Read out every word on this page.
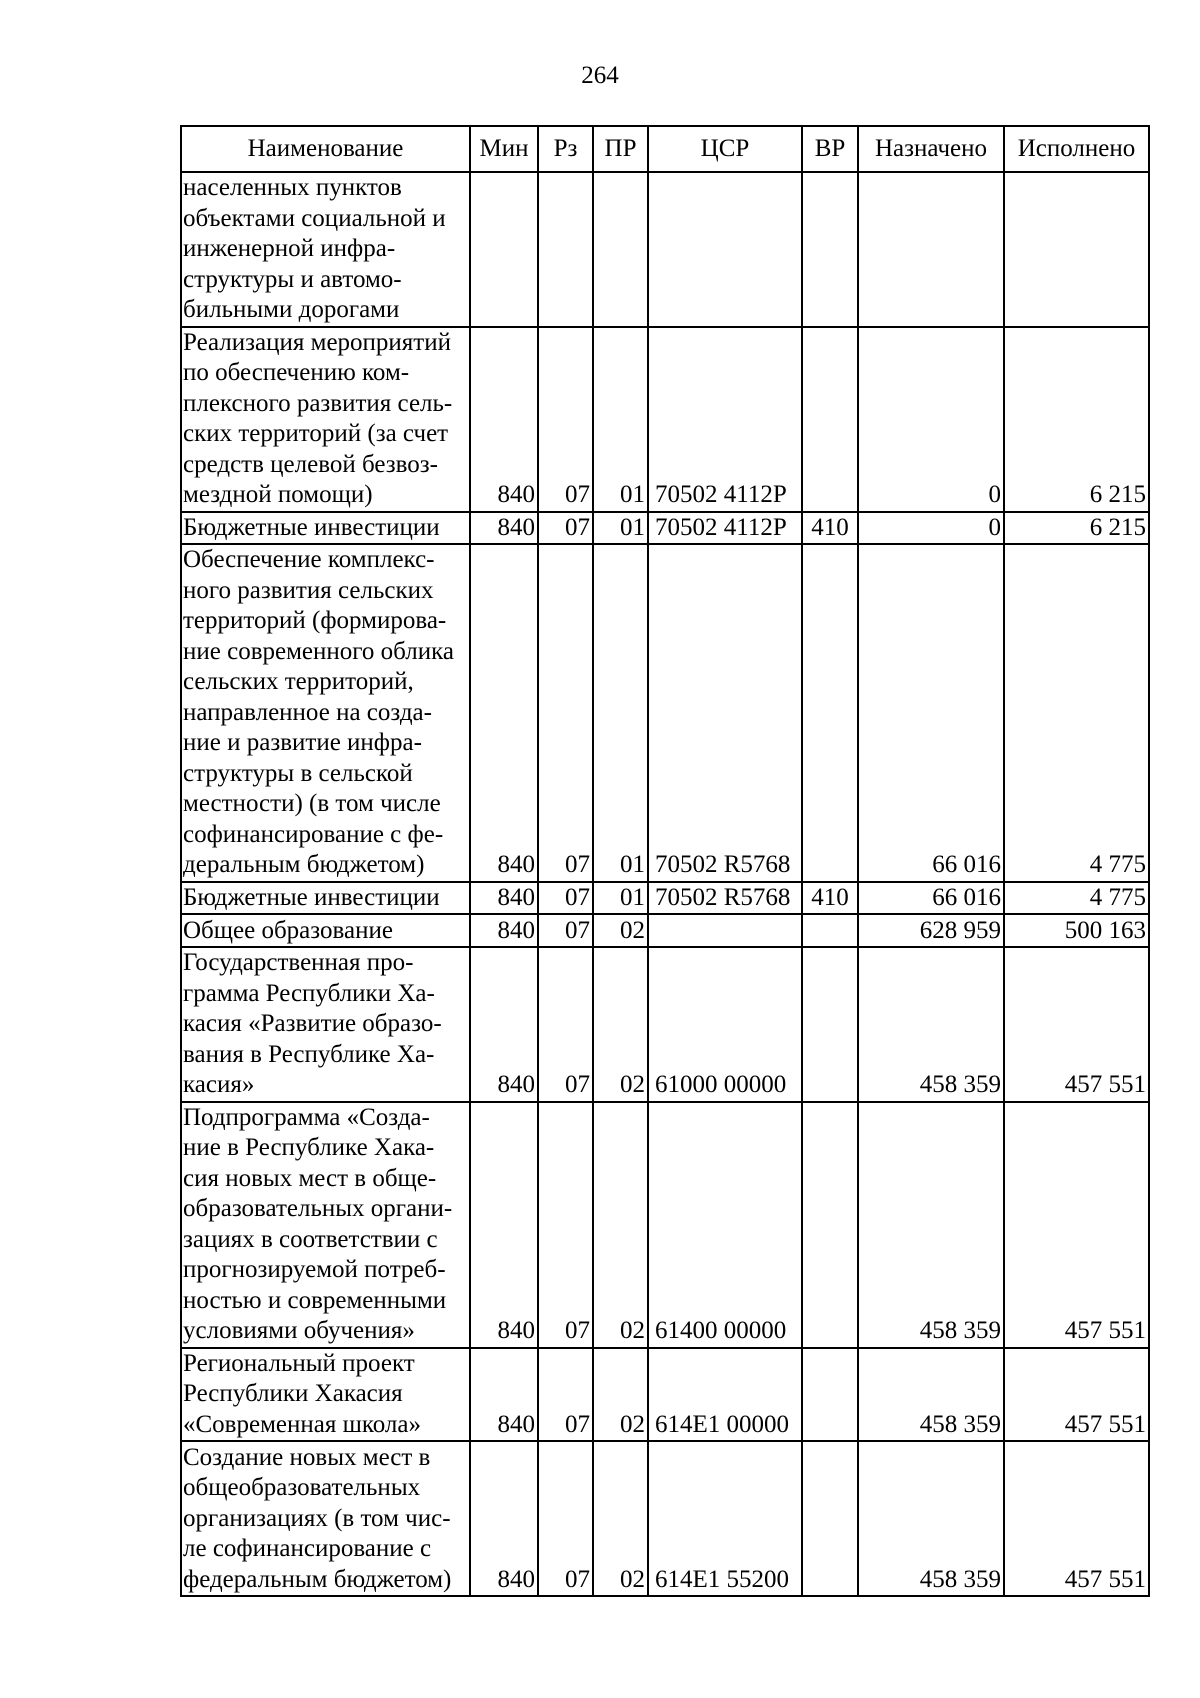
264
Наименование	Мин	Рз	ПР	ЦСР	ВР	Назначено	Исполнено
населенных пунктов объектами социальной и инженерной инфра-структуры и автомо-бильными дорогами							
Реализация мероприятий по обеспечению ком-плексного развития сель-ских территорий (за счет средств целевой безвоз-мездной помощи)	840	07	01	70502 4112P		0	6 215
Бюджетные инвестиции	840	07	01	70502 4112P	410	0	6 215
Обеспечение комплекс-ного развития сельских территорий (формирова-ние современного облика сельских территорий, направленное на созда-ние и развитие инфра-структуры в сельской местности) (в том числе софинансирование с фе-деральным бюджетом)	840	07	01	70502 R5768		66 016	4 775
Бюджетные инвестиции	840	07	01	70502 R5768	410	66 016	4 775
Общее образование	840	07	02			628 959	500 163
Государственная про-грамма Республики Ха-касия «Развитие образо-вания в Республике Ха-касия»	840	07	02	61000 00000		458 359	457 551
Подпрограмма «Созда-ние в Республике Хака-сия новых мест в обще-образовательных органи-зациях в соответствии с прогнозируемой потреб-ностью и современными условиями обучения»	840	07	02	61400 00000		458 359	457 551
Региональный проект Республики Хакасия «Современная школа»	840	07	02	614E1 00000		458 359	457 551
Создание новых мест в общеобразовательных организациях (в том чис-ле софинансирование с федеральным бюджетом)	840	07	02	614E1 55200		458 359	457 551
